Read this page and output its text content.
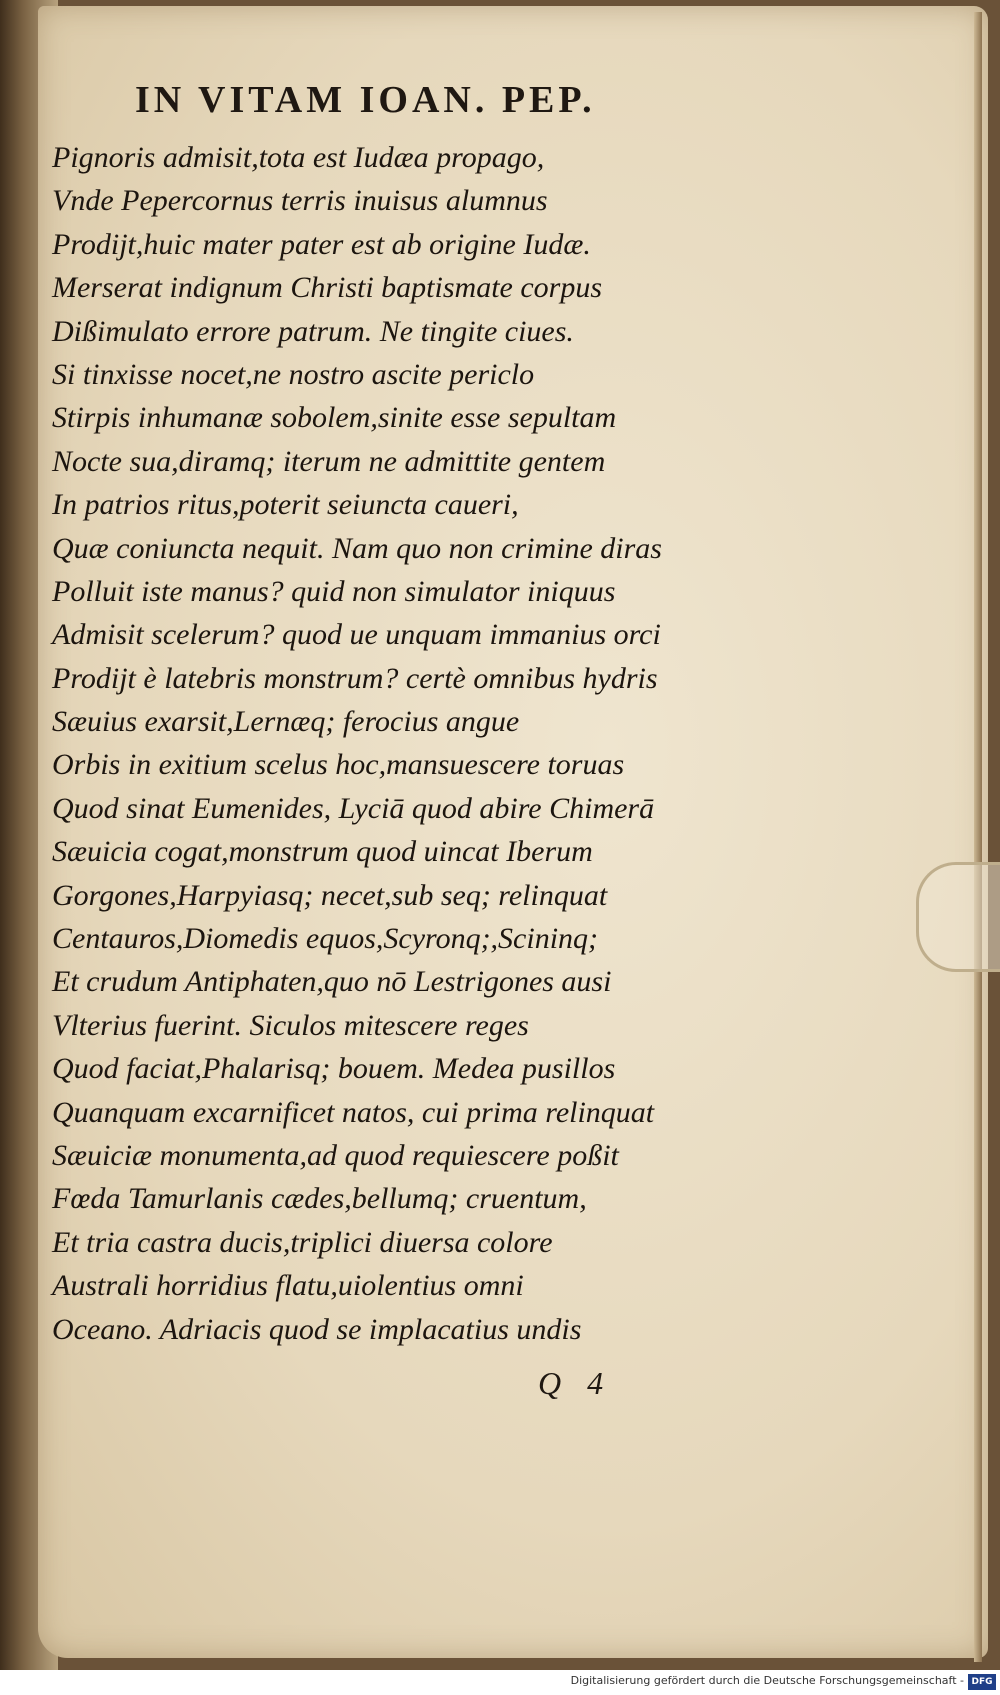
IN VITAM IOAN. PEP.
Pignoris admisit,tota est Iudæa propago,
Vnde Pepercornus terris inuisus alumnus
Prodijt,huic mater pater est ab origine Iudæ.
Merserat indignum Christi baptismate corpus
Dißimulato errore patrum. Ne tingite ciues.
Si tinxisse nocet,ne nostro ascite periclo
Stirpis inhumanæ sobolem,sinite esse sepultam
Nocte sua,diramq; iterum ne admittite gentem
In patrios ritus,poterit seiuncta caueri,
Quæ coniuncta nequit. Nam quo non crimine diras
Polluit iste manus? quid non simulator iniquus
Admisit scelerum? quod ue unquam immanius orci
Prodijt è latebris monstrum? certè omnibus hydris
Sæuius exarsit,Lernæq; ferocius angue
Orbis in exitium scelus hoc,mansuescere toruas
Quod sinat Eumenides, Lyciā quod abire Chimerā
Sæuicia cogat,monstrum quod uincat Iberum
Gorgones,Harpyiasq; necet,sub seq; relinquat
Centauros,Diomedis equos,Scyronq;,Scininq;
Et crudum Antiphaten,quo nō Lestrigones ausi
Vlterius fuerint. Siculos mitescere reges
Quod faciat,Phalarisq; bouem. Medea pusillos
Quanquam excarnificet natos, cui prima relinquat
Sæuiciæ monumenta,ad quod requiescere poßit
Fœda Tamurlanis cædes,bellumq; cruentum,
Et tria castra ducis,triplici diuersa colore
Australi horridius flatu,uiolentius omni
Oceano. Adriacis quod se implacatius undis
Q4
Digitalisierung gefördert durch die Deutsche Forschungsgemeinschaft - DFG
